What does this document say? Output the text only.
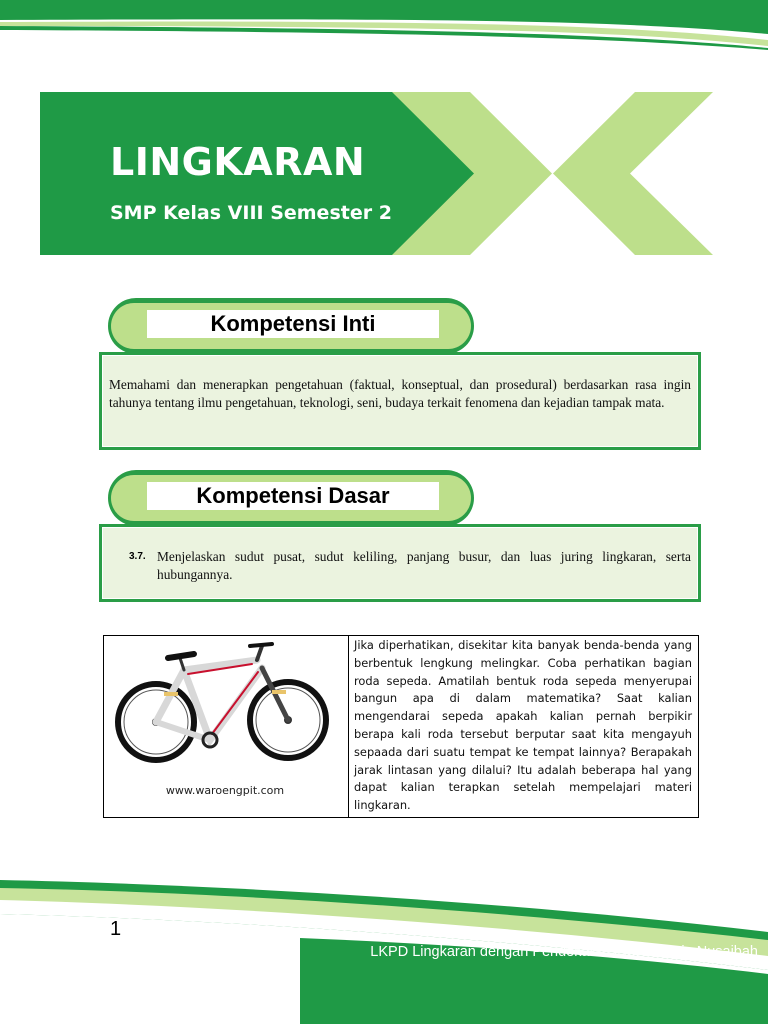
LINGKARAN
SMP Kelas VIII Semester 2
Kompetensi Inti
Memahami dan menerapkan pengetahuan (faktual, konseptual, dan prosedural) berdasarkan rasa ingin tahunya tentang ilmu pengetahuan, teknologi, seni, budaya terkait fenomena dan kejadian tampak mata.
Kompetensi Dasar
3.7. Menjelaskan sudut pusat, sudut keliling, panjang busur, dan luas juring lingkaran, serta hubungannya.
www.waroengpit.com
Jika diperhatikan, disekitar kita banyak benda-benda yang berbentuk lengkung melingkar. Coba perhatikan bagian roda sepeda. Amatilah bentuk roda sepeda menyerupai bangun apa di dalam matematika? Saat kalian mengendarai sepeda apakah kalian pernah berpikir berapa kali roda tersebut berputar saat kita mengayuh sepaada dari suatu tempat ke tempat lainnya? Berapakah jarak lintasan yang dilalui? Itu adalah beberapa hal yang dapat kalian terapkan setelah mempelajari materi lingkaran.
1
LKPD Lingkaran dengan Pendekatan PMRI - Naja Nusaibah
